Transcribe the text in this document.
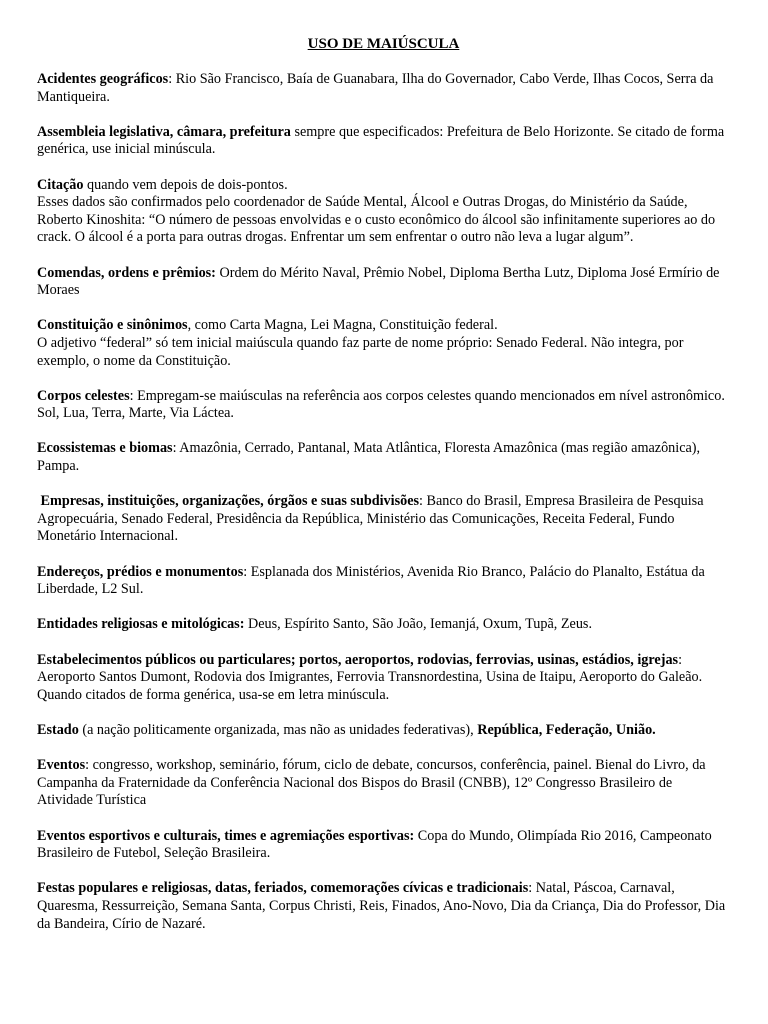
USO DE MAIÚSCULA

Acidentes geográficos: Rio São Francisco, Baía de Guanabara, Ilha do Governador, Cabo Verde, Ilhas Cocos, Serra da Mantiqueira.

Assembleia legislativa, câmara, prefeitura sempre que especificados: Prefeitura de Belo Horizonte. Se citado de forma genérica, use inicial minúscula.

Citação quando vem depois de dois-pontos.

Esses dados são confirmados pelo coordenador de Saúde Mental, Álcool e Outras Drogas, do Ministério da Saúde, Roberto Kinoshita: “O número de pessoas envolvidas e o custo econômico do álcool são infinitamente superiores ao do crack. O álcool é a porta para outras drogas. Enfrentar um sem enfrentar o outro não leva a lugar algum”.

Comendas, ordens e prêmios: Ordem do Mérito Naval, Prêmio Nobel, Diploma Bertha Lutz, Diploma José Ermírio de Moraes

Constituição e sinônimos, como Carta Magna, Lei Magna, Constituição federal.

O adjetivo “federal” só tem inicial maiúscula quando faz parte de nome próprio: Senado Federal. Não integra, por exemplo, o nome da Constituição.

Corpos celestes: Empregam-se maiúsculas na referência aos corpos celestes quando mencionados em nível astronômico. Sol, Lua, Terra, Marte, Via Láctea.

Ecossistemas e biomas: Amazônia, Cerrado, Pantanal, Mata Atlântica, Floresta Amazônica (mas região amazônica), Pampa.

Empresas, instituições, organizações, órgãos e suas subdivisões: Banco do Brasil, Empresa Brasileira de Pesquisa Agropecuária, Senado Federal, Presidência da República, Ministério das Comunicações, Receita Federal, Fundo Monetário Internacional.

Endereços, prédios e monumentos: Esplanada dos Ministérios, Avenida Rio Branco, Palácio do Planalto, Estátua da Liberdade, L2 Sul.

Entidades religiosas e mitológicas: Deus, Espírito Santo, São João, Iemanjá, Oxum, Tupã, Zeus.

Estabelecimentos públicos ou particulares; portos, aeroportos, rodovias, ferrovias, usinas, estádios, igrejas: Aeroporto Santos Dumont, Rodovia dos Imigrantes, Ferrovia Transnordestina, Usina de Itaipu, Aeroporto do Galeão. Quando citados de forma genérica, usa-se em letra minúscula.

Estado (a nação politicamente organizada, mas não as unidades federativas), República, Federação, União.

Eventos: congresso, workshop, seminário, fórum, ciclo de debate, concursos, conferência, painel. Bienal do Livro, da Campanha da Fraternidade da Conferência Nacional dos Bispos do Brasil (CNBB), 12º Congresso Brasileiro de Atividade Turística

Eventos esportivos e culturais, times e agremiações esportivas: Copa do Mundo, Olimpíada Rio 2016, Campeonato Brasileiro de Futebol, Seleção Brasileira.

Festas populares e religiosas, datas, feriados, comemorações cívicas e tradicionais: Natal, Páscoa, Carnaval, Quaresma, Ressurreição, Semana Santa, Corpus Christi, Reis, Finados, Ano-Novo, Dia da Criança, Dia do Professor, Dia da Bandeira, Círio de Nazaré.
